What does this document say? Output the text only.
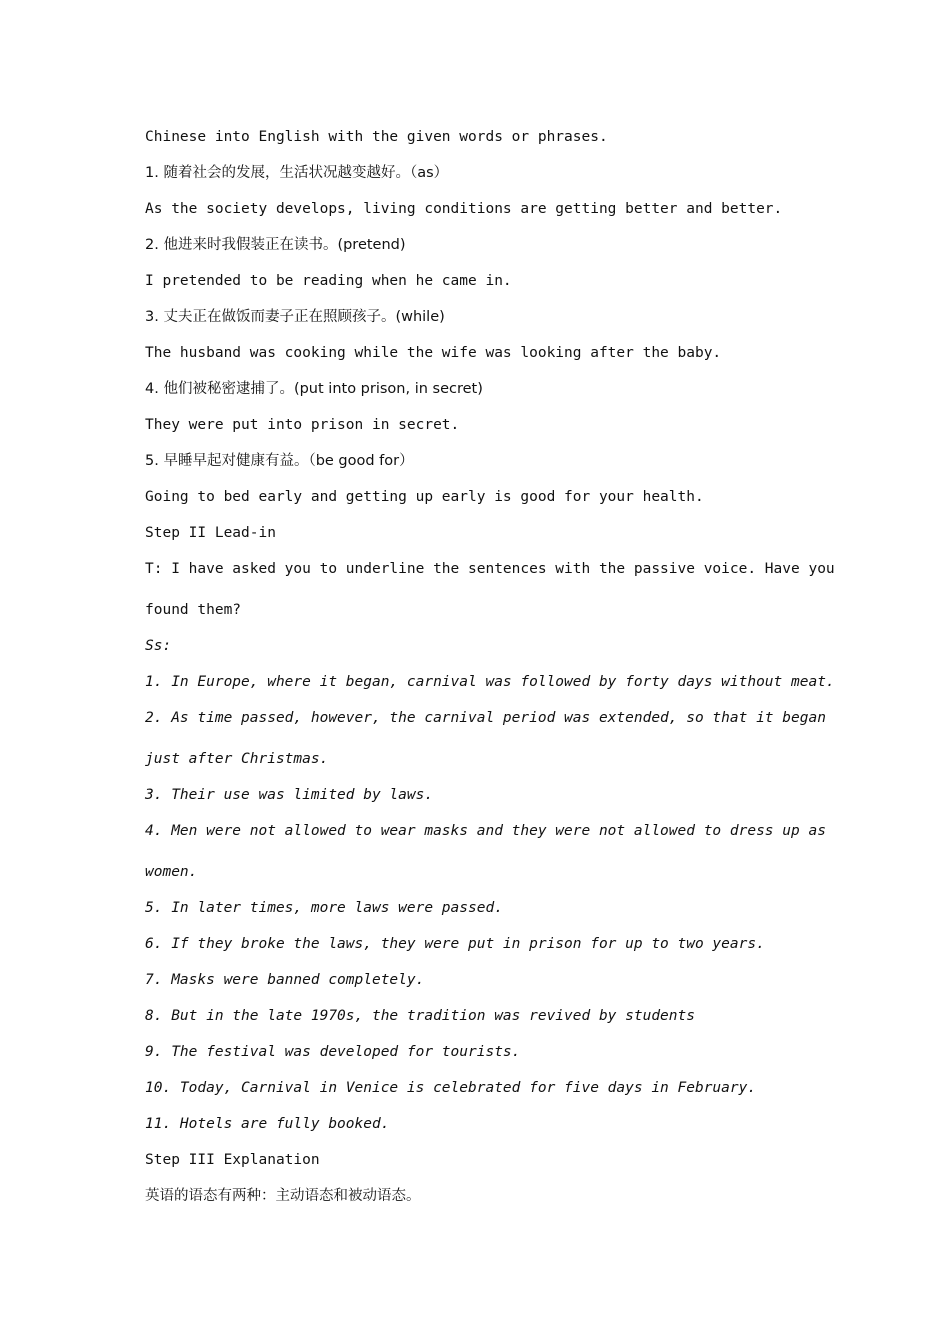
Chinese into English with the given words or phrases.
1. 随着社会的发展，生活状况越变越好。（as）
As the society develops, living conditions are getting better and better.
2. 他进来时我假装正在读书。(pretend)
I pretended to be reading when he came in.
3. 丈夫正在做饭而妻子正在照顾孩子。(while)
The husband was cooking while the wife was looking after the baby.
4. 他们被秘密逮捕了。(put into prison, in secret)
They were put into prison in secret.
5. 早睡早起对健康有益。（be good for）
Going to bed early and getting up early is good for your health.
Step II Lead-in
T: I have asked you to underline the sentences with the passive voice. Have you
found them?
Ss:
1. In Europe, where it began, carnival was followed by forty days without meat.
2. As time passed, however, the carnival period was extended, so that it began
just after Christmas.
3. Their use was limited by laws.
4. Men were not allowed to wear masks and they were not allowed to dress up as
women.
5. In later times, more laws were passed.
6. If they broke the laws, they were put in prison for up to two years.
7. Masks were banned completely.
8. But in the late 1970s, the tradition was revived by students
9. The festival was developed for tourists.
10. Today, Carnival in Venice is celebrated for five days in February.
11. Hotels are fully booked.
Step III Explanation
英语的语态有两种：主动语态和被动语态。
